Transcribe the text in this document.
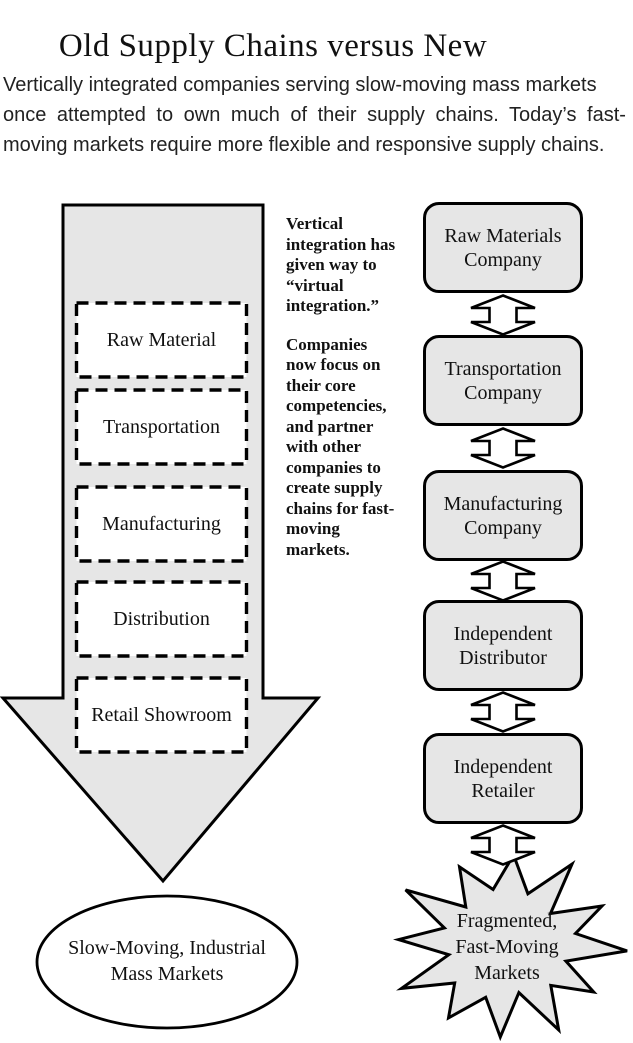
Old Supply Chains versus New
Vertically integrated companies serving slow-moving mass markets
once attempted to own much of their supply chains. Today’s fast-
moving markets require more flexible and responsive supply chains.
Raw Material
Transportation
Manufacturing
Distribution
Retail Showroom

Vertical integration has given way to “virtual integration.”

Companies now focus on their core competencies, and partner with other companies to create supply chains for fast-moving markets.

Raw Materials Company
Transportation Company
Manufacturing Company
Independent Distributor
Independent Retailer
Slow-Moving, Industrial Mass Markets
Fragmented, Fast-Moving Markets
